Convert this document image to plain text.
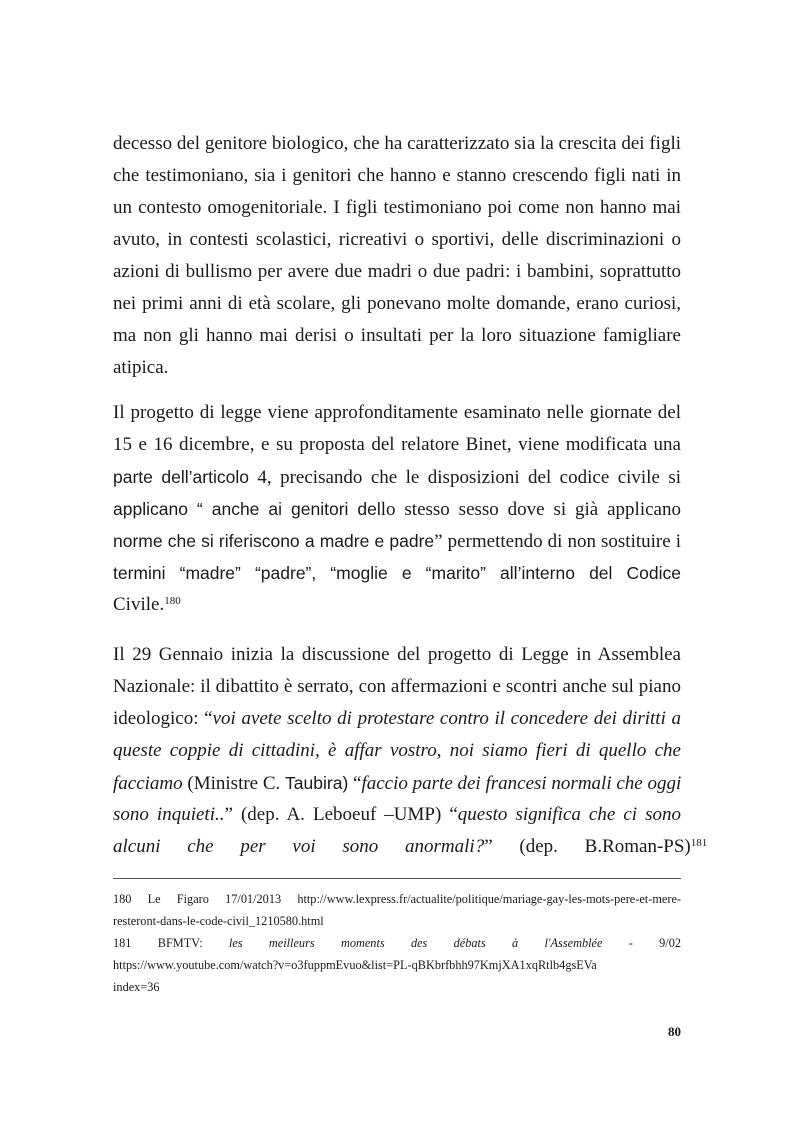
decesso del genitore biologico, che ha caratterizzato sia la crescita dei figli
che testimoniano, sia i genitori che hanno e stanno crescendo figli nati in
un contesto omogenitoriale. I figli testimoniano poi come non hanno mai
avuto, in contesti scolastici, ricreativi o sportivi, delle discriminazioni o
azioni di bullismo per avere due madri o due padri: i bambini, soprattutto
nei primi anni di età scolare, gli ponevano molte domande, erano curiosi,
ma non gli hanno mai derisi o insultati per la loro situazione famigliare
atipica.
Il progetto di legge viene approfonditamente esaminato nelle giornate del
15 e 16 dicembre, e su proposta del relatore Binet, viene modificata una
parte dell’articolo 4, precisando che le disposizioni del codice civile si
applicano “ anche ai genitori dello stesso sesso dove si già applicano
norme che si riferiscono a madre e padre” permettendo di non sostituire i
termini “madre” “padre”, “moglie e “marito” all’interno del Codice
Civile.$^{180}$
Il 29 Gennaio inizia la discussione del progetto di Legge in Assemblea
Nazionale: il dibattito è serrato, con affermazioni e scontri anche sul piano
ideologico: “voi avete scelto di protestare contro il concedere dei diritti a
queste coppie di cittadini, è affar vostro, noi siamo fieri di quello che
facciamo (Ministre C. Taubira) “faccio parte dei francesi normali che oggi
sono inquieti..” (dep. A. Leboeuf –UMP) “questo significa che ci sono
alcuni che per voi sono anormali?” (dep. B.Roman-PS)$^{181}$
180 Le Figaro 17/01/2013 http://www.lexpress.fr/actualite/politique/mariage-gay-les-mots-pere-et-mere-
resteront-dans-le-code-civil_1210580.html
181 BFMTV: les meilleurs moments des débats à l'Assemblée - 9/02
https://www.youtube.com/watch?v=o3fuppmEvuo&list=PL-qBKbrfbhh97KmjXA1xqRtlb4gsEVa
index=36
80
